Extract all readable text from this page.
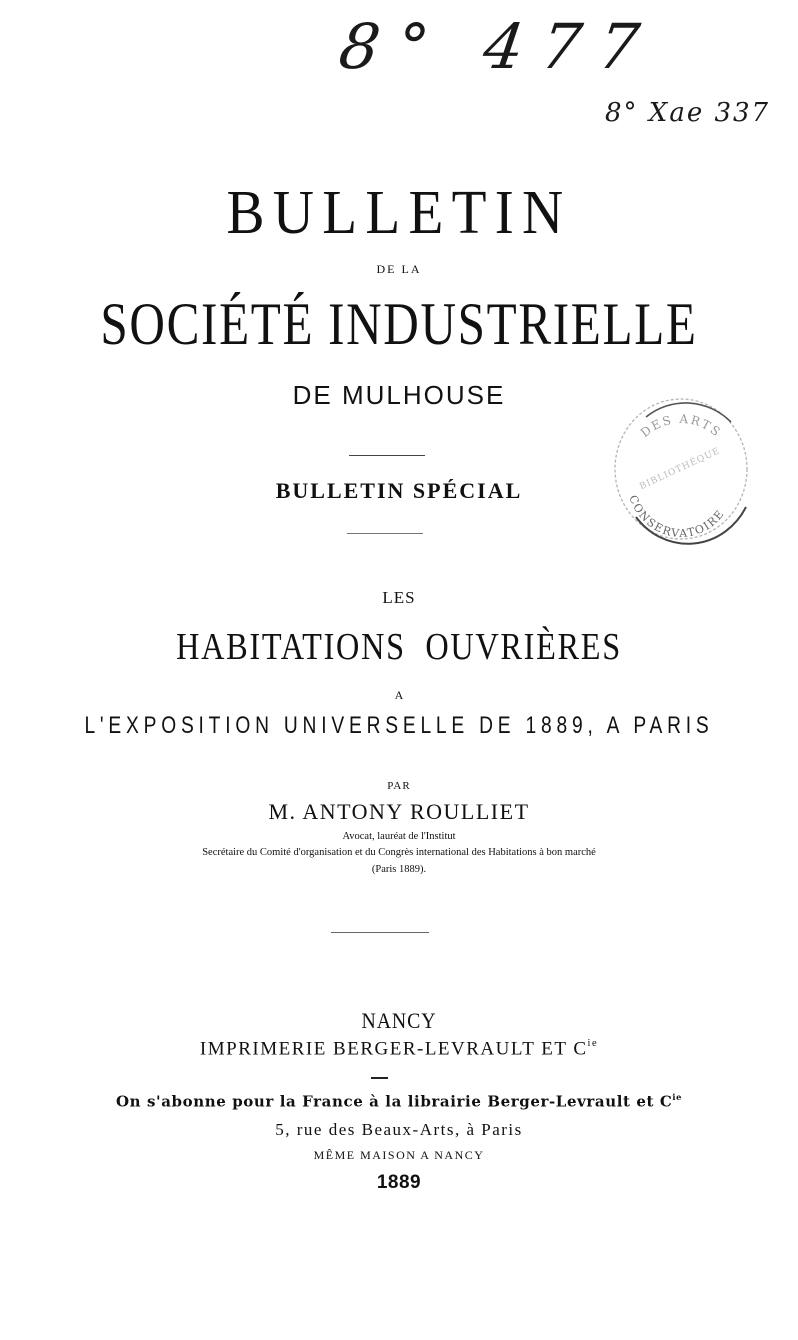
8° 477
8° Xae 337
BULLETIN
DE LA
SOCIÉTÉ INDUSTRIELLE
DE MULHOUSE
DES ARTS
CONSERVATOIRE
BIBLIOTHÈQUE
BULLETIN SPÉCIAL
LES
HABITATIONS  OUVRIÈRES
A
L'EXPOSITION UNIVERSELLE DE 1889, A PARIS
PAR
M. ANTONY ROULLIET
Avocat, lauréat de l'Institut
Secrétaire du Comité d'organisation et du Congrès international des Habitations à bon marché
(Paris 1889).
NANCY
IMPRIMERIE BERGER-LEVRAULT ET $C^{ie}$
On s'abonne pour la France à la librairie Berger-Levrault et $C^{ie}$
5, rue des Beaux-Arts, à Paris
MÊME MAISON A NANCY
1889
